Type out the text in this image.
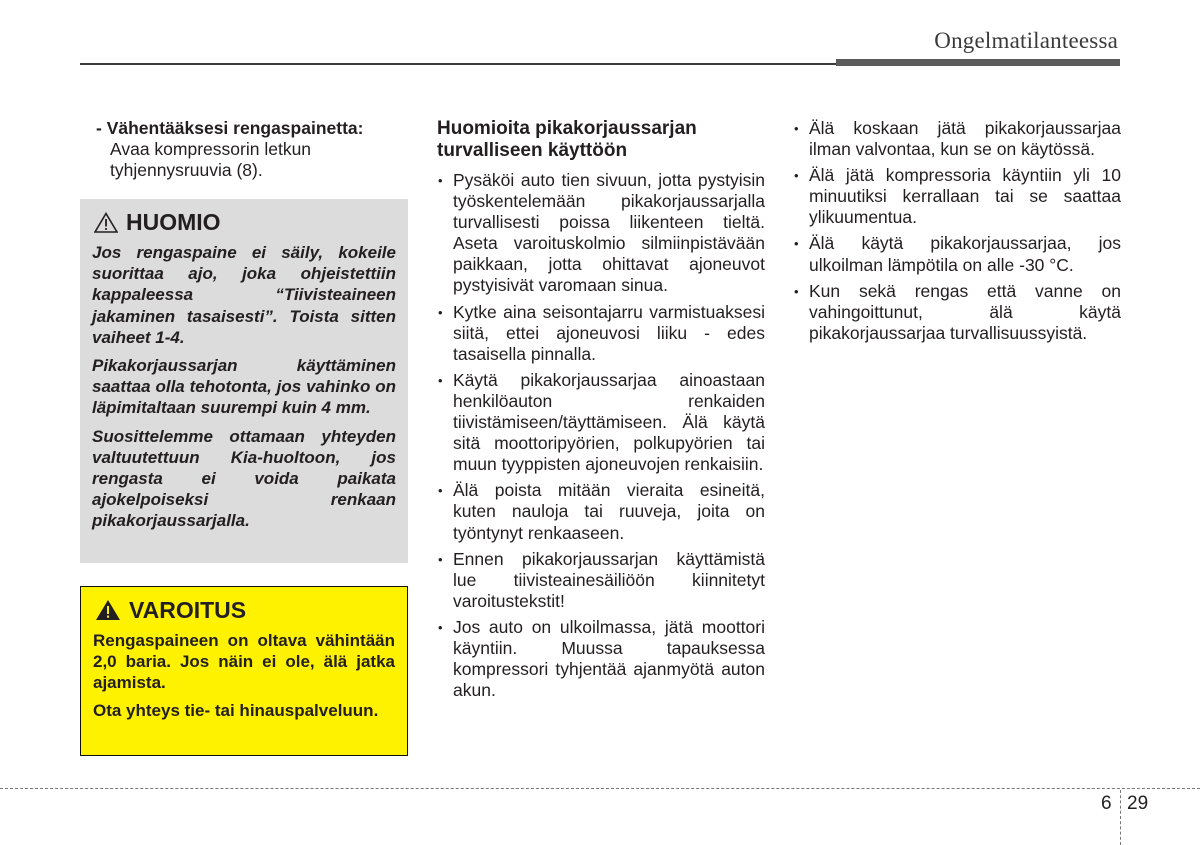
Ongelmatilanteessa
- Vähentääksesi rengaspainetta:
Avaa kompressorin letkun tyhjennysruuvia (8).
HUOMIO

Jos rengaspaine ei säily, kokeile suorittaa ajo, joka ohjeistettiin kappaleessa “Tiivisteaineen jakaminen tasaisesti”. Toista sitten vaiheet 1-4.

Pikakorjaussarjan käyttäminen saattaa olla tehotonta, jos vahinko on läpimitaltaan suurempi kuin 4 mm.

Suosittelemme ottamaan yhteyden valtuutettuun Kia-huoltoon, jos rengasta ei voida paikata ajokelpoiseksi renkaan pikakorjaussarjalla.

VAROITUS

Rengaspaineen on oltava vähintään 2,0 baria. Jos näin ei ole, älä jatka ajamista.

Ota yhteys tie- tai hinauspalveluun.

Huomioita pikakorjaussarjan turvalliseen käyttöön
• Pysäköi auto tien sivuun, jotta pystyisin työskentelemään pikakorjaussarjalla turvallisesti poissa liikenteen tieltä. Aseta varoituskolmio silmiinpistävään paikkaan, jotta ohittavat ajoneuvot pystyisivät varomaan sinua.
• Kytke aina seisontajarru varmistuaksesi siitä, ettei ajoneuvosi liiku - edes tasaisella pinnalla.
• Käytä pikakorjaussarjaa ainoastaan henkilöauton renkaiden tiivistämiseen/täyttämiseen. Älä käytä sitä moottoripyörien, polkupyörien tai muun tyyppisten ajoneuvojen renkaisiin.
• Älä poista mitään vieraita esineitä, kuten nauloja tai ruuveja, joita on työntynyt renkaaseen.
• Ennen pikakorjaussarjan käyttämistä lue tiivisteainesäiliöön kiinnitetyt varoitustekstit!
• Jos auto on ulkoilmassa, jätä moottori käyntiin. Muussa tapauksessa kompressori tyhjentää ajanmyötä auton akun.
• Älä koskaan jätä pikakorjaussarjaa ilman valvontaa, kun se on käytössä.
• Älä jätä kompressoria käyntiin yli 10 minuutiksi kerrallaan tai se saattaa ylikuumentua.
• Älä käytä pikakorjaussarjaa, jos ulkoilman lämpötila on alle -30 °C.
• Kun sekä rengas että vanne on vahingoittunut, älä käytä pikakorjaussarjaa turvallisuussyistä.
6 29
